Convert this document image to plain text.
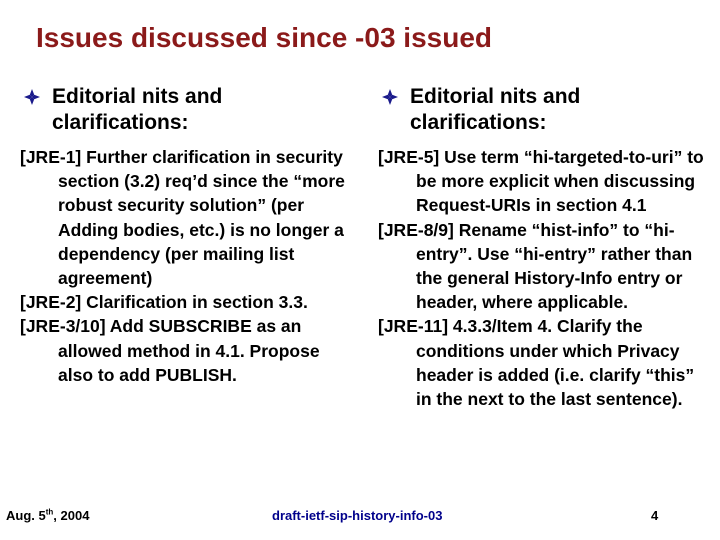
Issues discussed since -03 issued
Editorial nits and clarifications:

[JRE-1] Further clarification in security section (3.2) req’d since the “more robust security solution” (per Adding bodies, etc.) is no longer a dependency (per mailing list agreement)

[JRE-2] Clarification in section 3.3.

[JRE-3/10] Add SUBSCRIBE as an allowed method in 4.1. Propose also to add PUBLISH.

Editorial nits and clarifications:

[JRE-5] Use term “hi-targeted-to-uri” to be more explicit when discussing Request-URIs in section 4.1

[JRE-8/9] Rename “hist-info” to “hi-entry”. Use “hi-entry” rather than the general History-Info entry or header, where applicable.

[JRE-11] 4.3.3/Item 4. Clarify the conditions under which Privacy header is added (i.e. clarify “this” in the next to the last sentence).

Aug. 5th, 2004	draft-ietf-sip-history-info-03	4
